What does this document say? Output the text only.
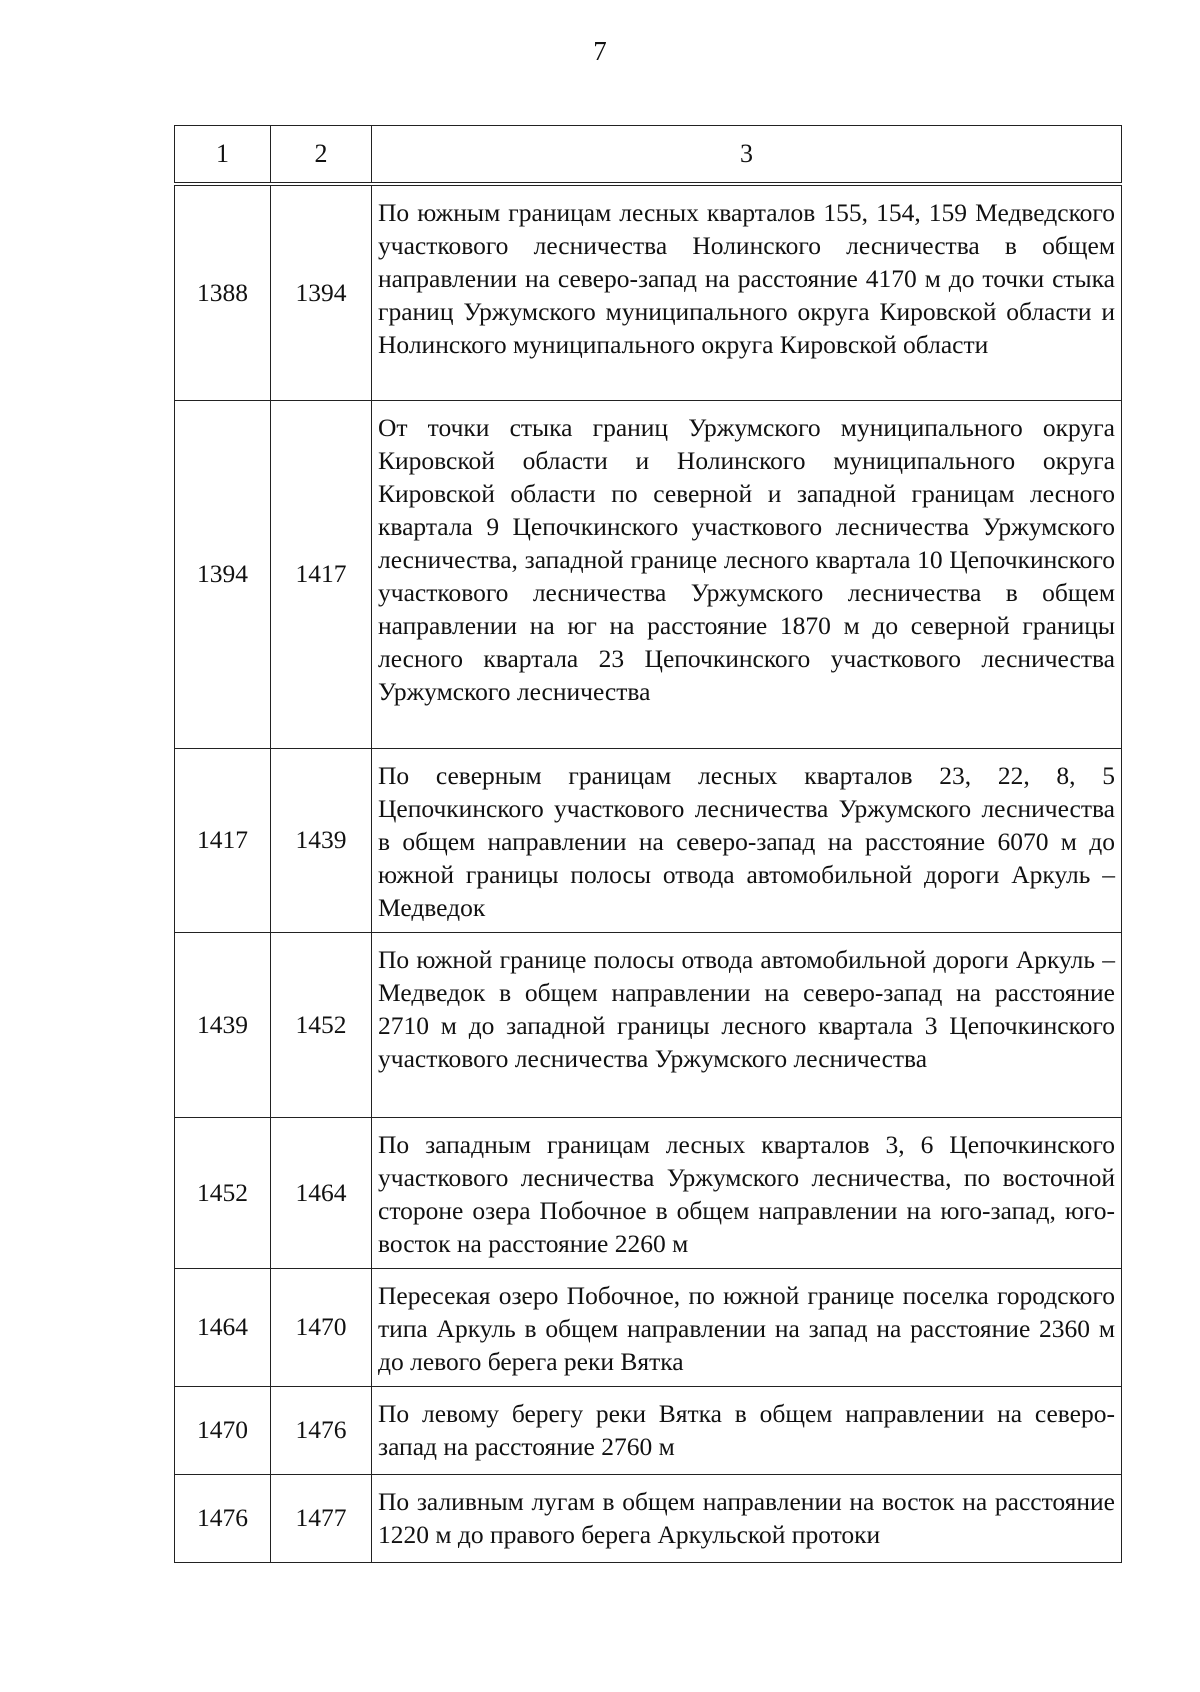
7
1	2	3
1388	1394	По южным границам лесных кварталов 155, 154, 159 Медведского участкового лесничества Нолинского лесничества в общем направлении на северо-запад на расстояние 4170 м до точки стыка границ Уржумского муниципального округа Кировской области и Нолинского муниципального округа Кировской области
1394	1417	От точки стыка границ Уржумского муниципального округа Кировской области и Нолинского муниципального округа Кировской области по северной и западной границам лесного квартала 9 Цепочкинского участкового лесничества Уржумского лесничества, западной границе лесного квартала 10 Цепочкинского участкового лесничества Уржумского лесничества в общем направлении на юг на расстояние 1870 м до северной границы лесного квартала 23 Цепочкинского участкового лесничества Уржумского лесничества
1417	1439	По северным границам лесных кварталов 23, 22, 8, 5 Цепочкинского участкового лесничества Уржумского лесничества в общем направлении на северо-запад на расстояние 6070 м до южной границы полосы отвода автомобильной дороги Аркуль – Медведок
1439	1452	По южной границе полосы отвода автомобильной дороги Аркуль – Медведок в общем направлении на северо-запад на расстояние 2710 м до западной границы лесного квартала 3 Цепочкинского участкового лесничества Уржумского лесничества
1452	1464	По западным границам лесных кварталов 3, 6 Цепочкинского участкового лесничества Уржумского лесничества, по восточной стороне озера Побочное в общем направлении на юго-запад, юго-восток на расстояние 2260 м
1464	1470	Пересекая озеро Побочное, по южной границе поселка городского типа Аркуль в общем направлении на запад на расстояние 2360 м до левого берега реки Вятка
1470	1476	По левому берегу реки Вятка в общем направлении на северо-запад на расстояние 2760 м
1476	1477	По заливным лугам в общем направлении на восток на расстояние 1220 м до правого берега Аркульской протоки
